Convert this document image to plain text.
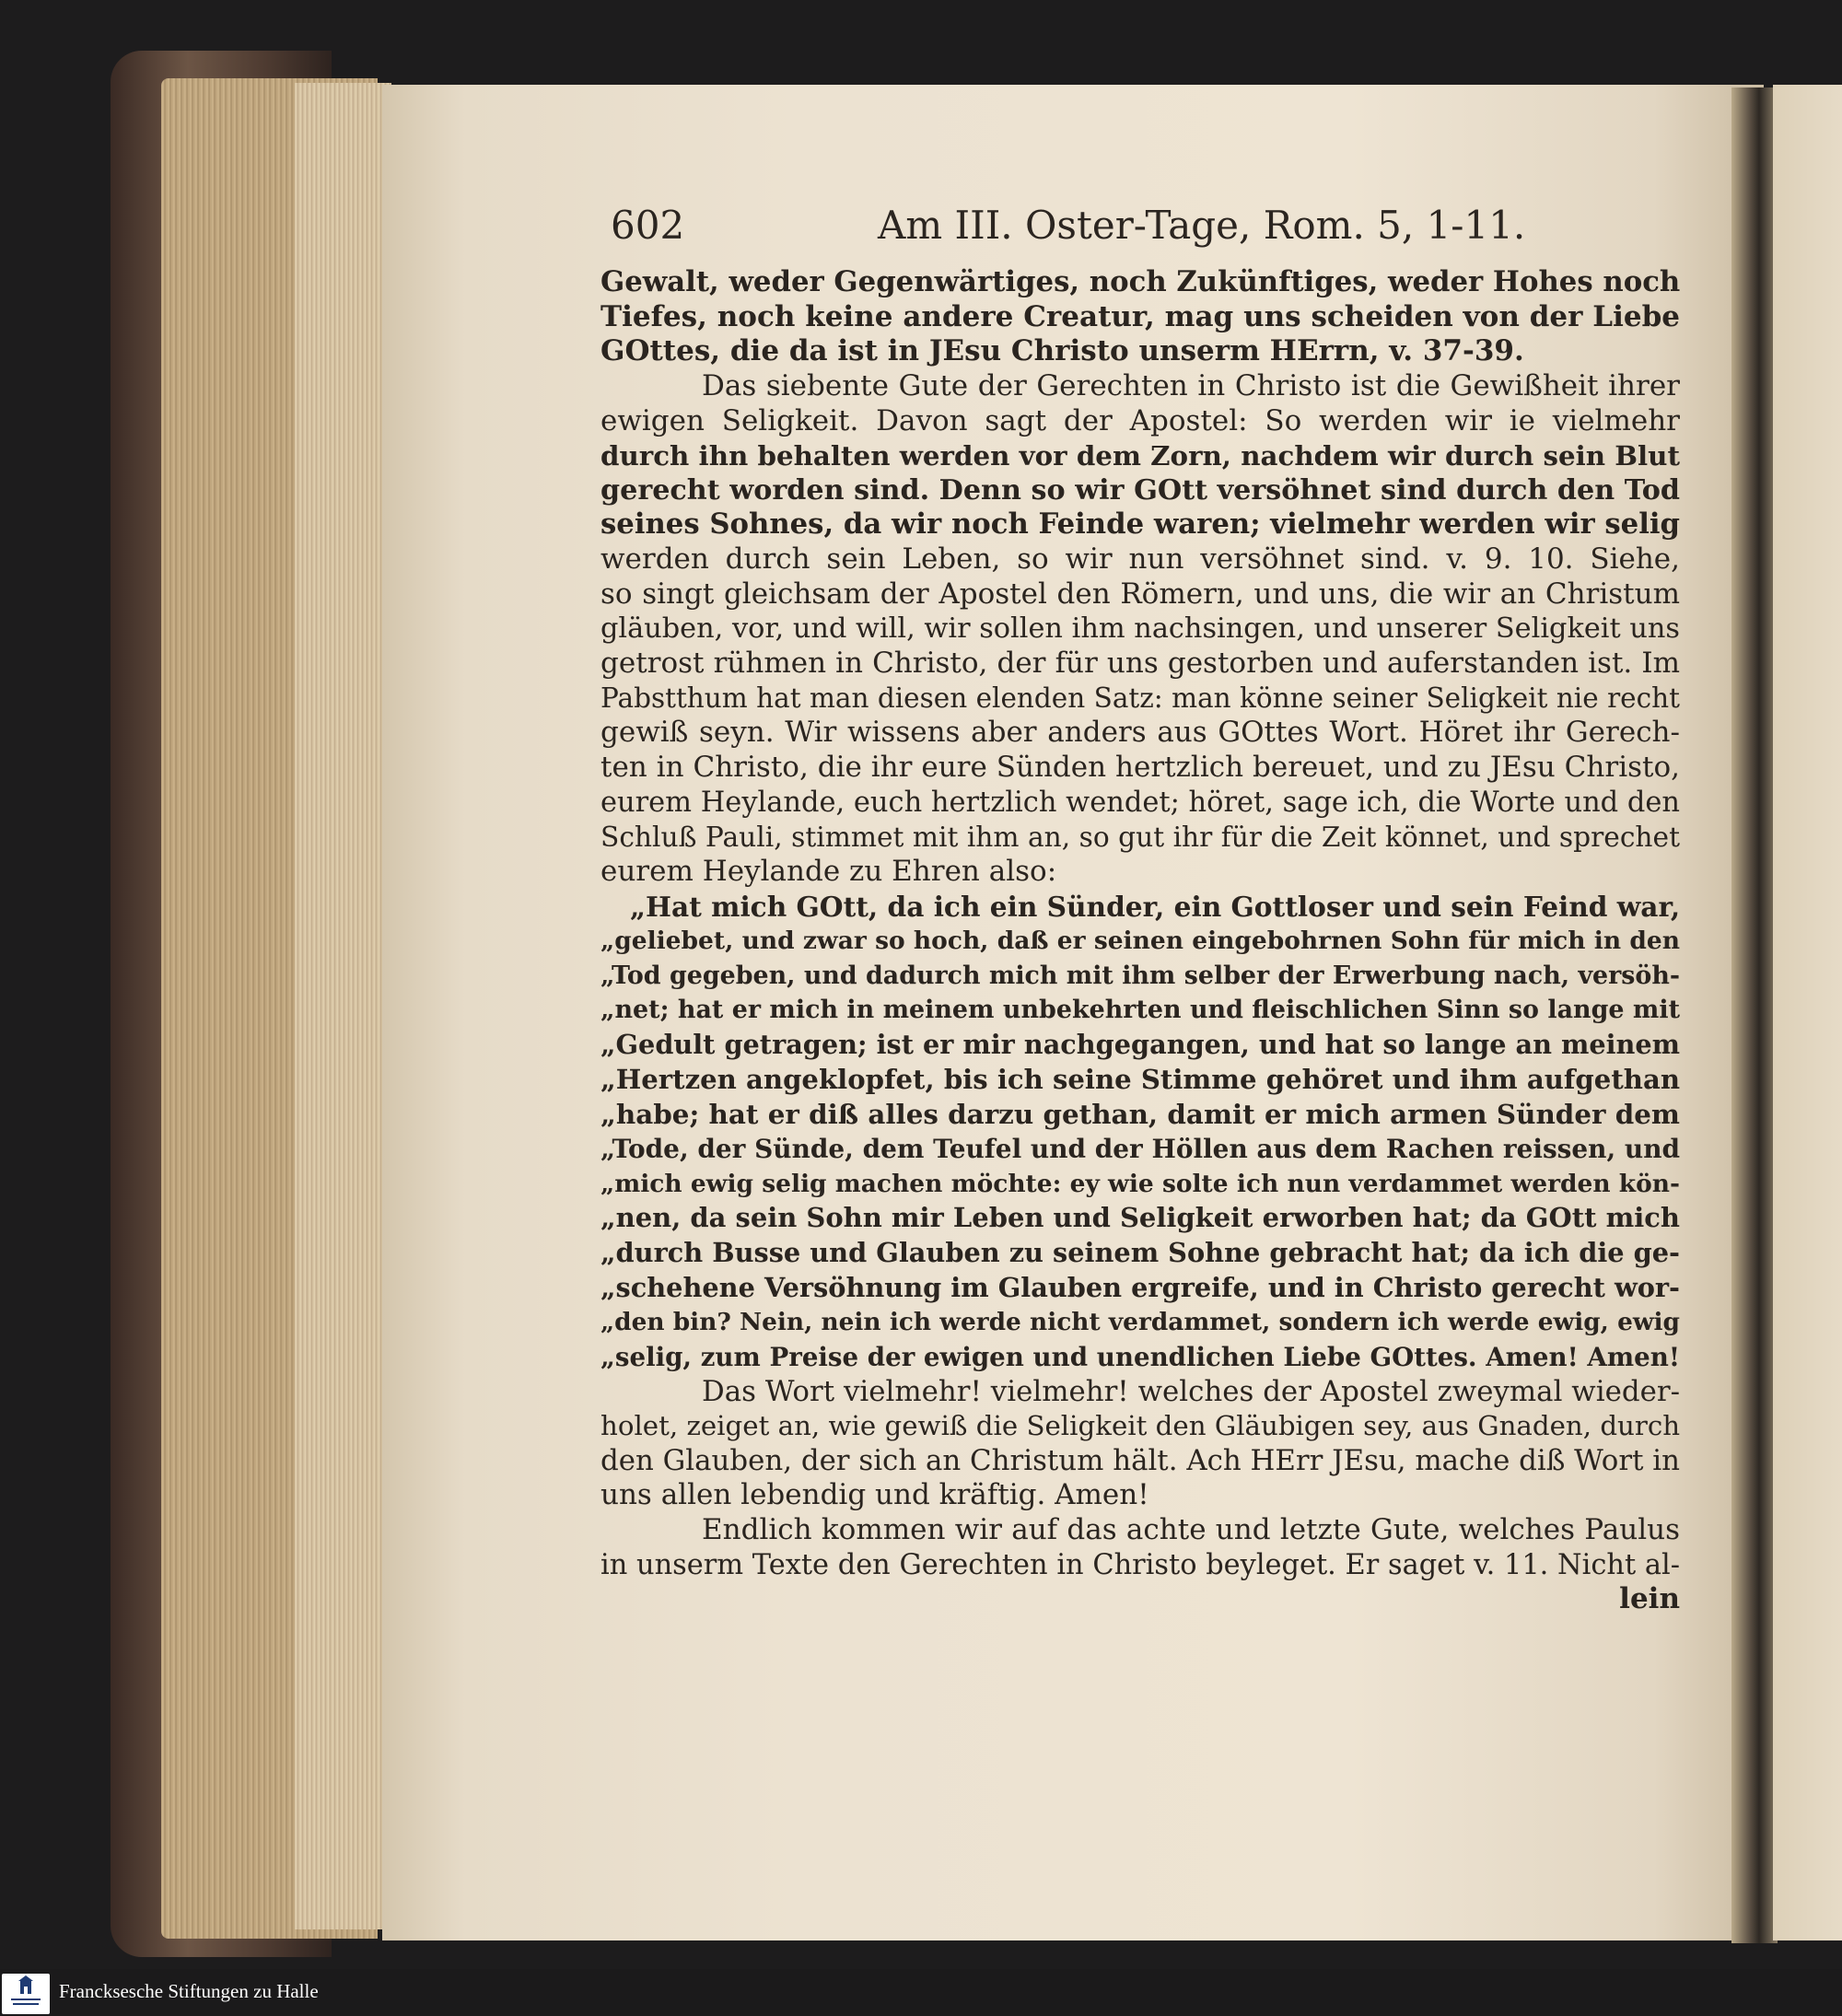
602	Am III. Oster-Tage, Rom. 5, 1-11.
Gewalt, weder Gegenwärtiges, noch Zukünftiges, weder Hohes noch
Tiefes, noch keine andere Creatur, mag uns scheiden von der Liebe
GOttes, die da ist in JEsu Christo unserm HErrn, v. 37-39.
Das siebente Gute der Gerechten in Christo ist die Gewißheit ihrer
ewigen Seligkeit. Davon sagt der Apostel: So werden wir ie vielmehr
durch ihn behalten werden vor dem Zorn, nachdem wir durch sein Blut
gerecht worden sind. Denn so wir GOtt versöhnet sind durch den Tod
seines Sohnes, da wir noch Feinde waren; vielmehr werden wir selig
werden durch sein Leben, so wir nun versöhnet sind. v. 9. 10. Siehe,
so singt gleichsam der Apostel den Römern, und uns, die wir an Christum
gläuben, vor, und will, wir sollen ihm nachsingen, und unserer Seligkeit uns
getrost rühmen in Christo, der für uns gestorben und auferstanden ist. Im
Pabstthum hat man diesen elenden Satz: man könne seiner Seligkeit nie recht
gewiß seyn. Wir wissens aber anders aus GOttes Wort. Höret ihr Gerech-
ten in Christo, die ihr eure Sünden hertzlich bereuet, und zu JEsu Christo,
eurem Heylande, euch hertzlich wendet; höret, sage ich, die Worte und den
Schluß Pauli, stimmet mit ihm an, so gut ihr für die Zeit könnet, und sprechet
eurem Heylande zu Ehren also:
„Hat mich GOtt, da ich ein Sünder, ein Gottloser und sein Feind war,
„geliebet, und zwar so hoch, daß er seinen eingebohrnen Sohn für mich in den
„Tod gegeben, und dadurch mich mit ihm selber der Erwerbung nach, versöh-
„net; hat er mich in meinem unbekehrten und fleischlichen Sinn so lange mit
„Gedult getragen; ist er mir nachgegangen, und hat so lange an meinem
„Hertzen angeklopfet, bis ich seine Stimme gehöret und ihm aufgethan
„habe; hat er diß alles darzu gethan, damit er mich armen Sünder dem
„Tode, der Sünde, dem Teufel und der Höllen aus dem Rachen reissen, und
„mich ewig selig machen möchte: ey wie solte ich nun verdammet werden kön-
„nen, da sein Sohn mir Leben und Seligkeit erworben hat; da GOtt mich
„durch Busse und Glauben zu seinem Sohne gebracht hat; da ich die ge-
„schehene Versöhnung im Glauben ergreife, und in Christo gerecht wor-
„den bin? Nein, nein ich werde nicht verdammet, sondern ich werde ewig, ewig
„selig, zum Preise der ewigen und unendlichen Liebe GOttes. Amen! Amen!
Das Wort vielmehr! vielmehr! welches der Apostel zweymal wieder-
holet, zeiget an, wie gewiß die Seligkeit den Gläubigen sey, aus Gnaden, durch
den Glauben, der sich an Christum hält. Ach HErr JEsu, mache diß Wort in
uns allen lebendig und kräftig. Amen!
Endlich kommen wir auf das achte und letzte Gute, welches Paulus
in unserm Texte den Gerechten in Christo beyleget. Er saget v. 11. Nicht al-
lein
Francksesche Stiftungen zu Halle
